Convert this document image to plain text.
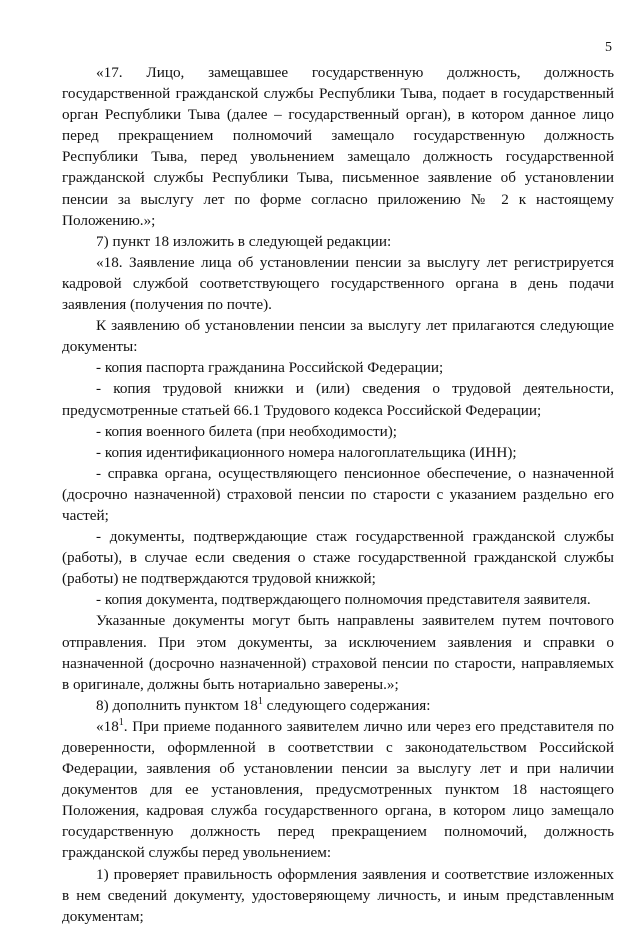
5

«17. Лицо, замещавшее государственную должность, должность государственной гражданской службы Республики Тыва, подает в государственный орган Республики Тыва (далее – государственный орган), в котором данное лицо перед прекращением полномочий замещало государственную должность Республики Тыва, перед увольнением замещало должность государственной гражданской службы Республики Тыва, письменное заявление об установлении пенсии за выслугу лет по форме согласно приложению № 2 к настоящему Положению.»;

7) пункт 18 изложить в следующей редакции:

«18. Заявление лица об установлении пенсии за выслугу лет регистрируется кадровой службой соответствующего государственного органа в день подачи заявления (получения по почте).

К заявлению об установлении пенсии за выслугу лет прилагаются следующие документы:

- копия паспорта гражданина Российской Федерации;

- копия трудовой книжки и (или) сведения о трудовой деятельности, предусмотренные статьей 66.1 Трудового кодекса Российской Федерации;

- копия военного билета (при необходимости);

- копия идентификационного номера налогоплательщика (ИНН);

- справка органа, осуществляющего пенсионное обеспечение, о назначенной (досрочно назначенной) страховой пенсии по старости с указанием раздельно его частей;

- документы, подтверждающие стаж государственной гражданской службы (работы), в случае если сведения о стаже государственной гражданской службы (работы) не подтверждаются трудовой книжкой;

- копия документа, подтверждающего полномочия представителя заявителя.

Указанные документы могут быть направлены заявителем путем почтового отправления. При этом документы, за исключением заявления и справки о назначенной (досрочно назначенной) страховой пенсии по старости, направляемых в оригинале, должны быть нотариально заверены.»;

8) дополнить пунктом $18^1$ следующего содержания:

«$18^1$. При приеме поданного заявителем лично или через его представителя по доверенности, оформленной в соответствии с законодательством Российской Федерации, заявления об установлении пенсии за выслугу лет и при наличии документов для ее установления, предусмотренных пунктом 18 настоящего Положения, кадровая служба государственного органа, в котором лицо замещало государственную должность перед прекращением полномочий, должность гражданской службы перед увольнением:

1) проверяет правильность оформления заявления и соответствие изложенных в нем сведений документу, удостоверяющему личность, и иным представленным документам;
